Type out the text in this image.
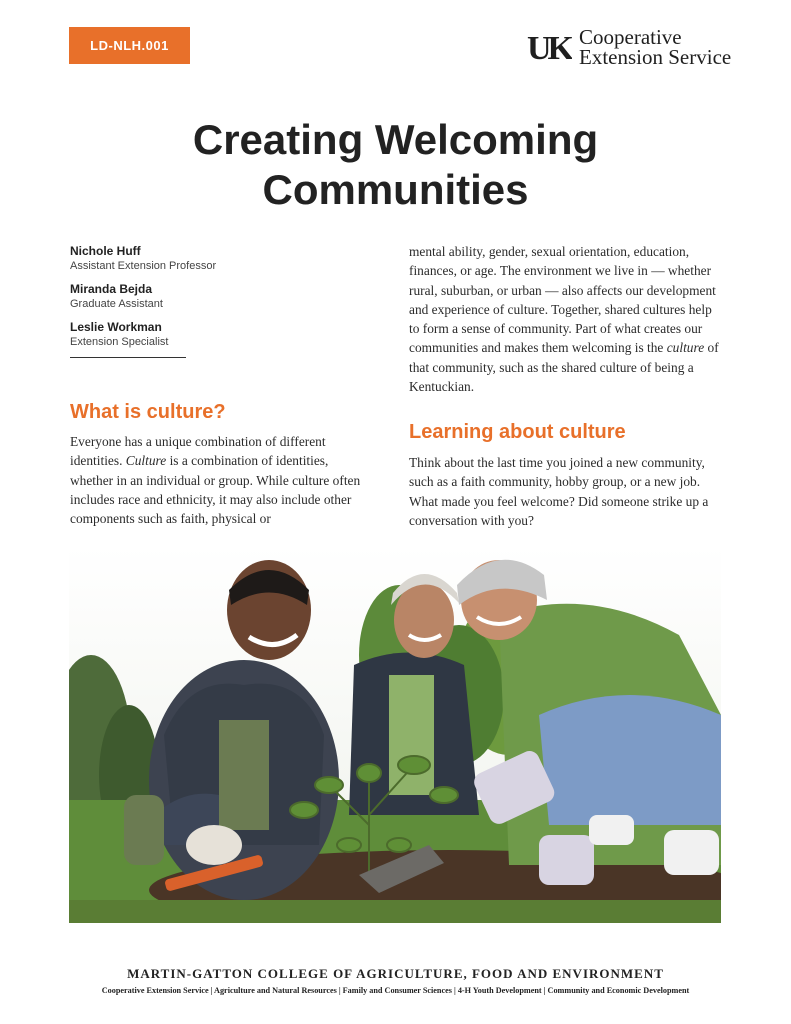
LD-NLH.001	UK Cooperative
Extension Service
Creating Welcoming
Communities
Nichole Huff
Assistant Extension Professor
Miranda Bejda
Graduate Assistant
Leslie Workman
Extension Specialist
What is culture?

Everyone has a unique combination of different identities. Culture is a combination of identities, whether in an individual or group. While culture often includes race and ethnicity, it may also include other components such as faith, physical or

mental ability, gender, sexual orientation, education, finances, or age. The environment we live in — whether rural, suburban, or urban — also affects our development and experience of culture. Together, shared cultures help to form a sense of community. Part of what creates our communities and makes them welcoming is the culture of that community, such as the shared culture of being a Kentuckian.

Learning about culture

Think about the last time you joined a new community, such as a faith community, hobby group, or a new job. What made you feel welcome? Did someone strike up a conversation with you?

MARTIN-GATTON COLLEGE OF AGRICULTURE, FOOD AND ENVIRONMENT
Cooperative Extension Service | Agriculture and Natural Resources | Family and Consumer Sciences | 4-H Youth Development | Community and Economic Development
